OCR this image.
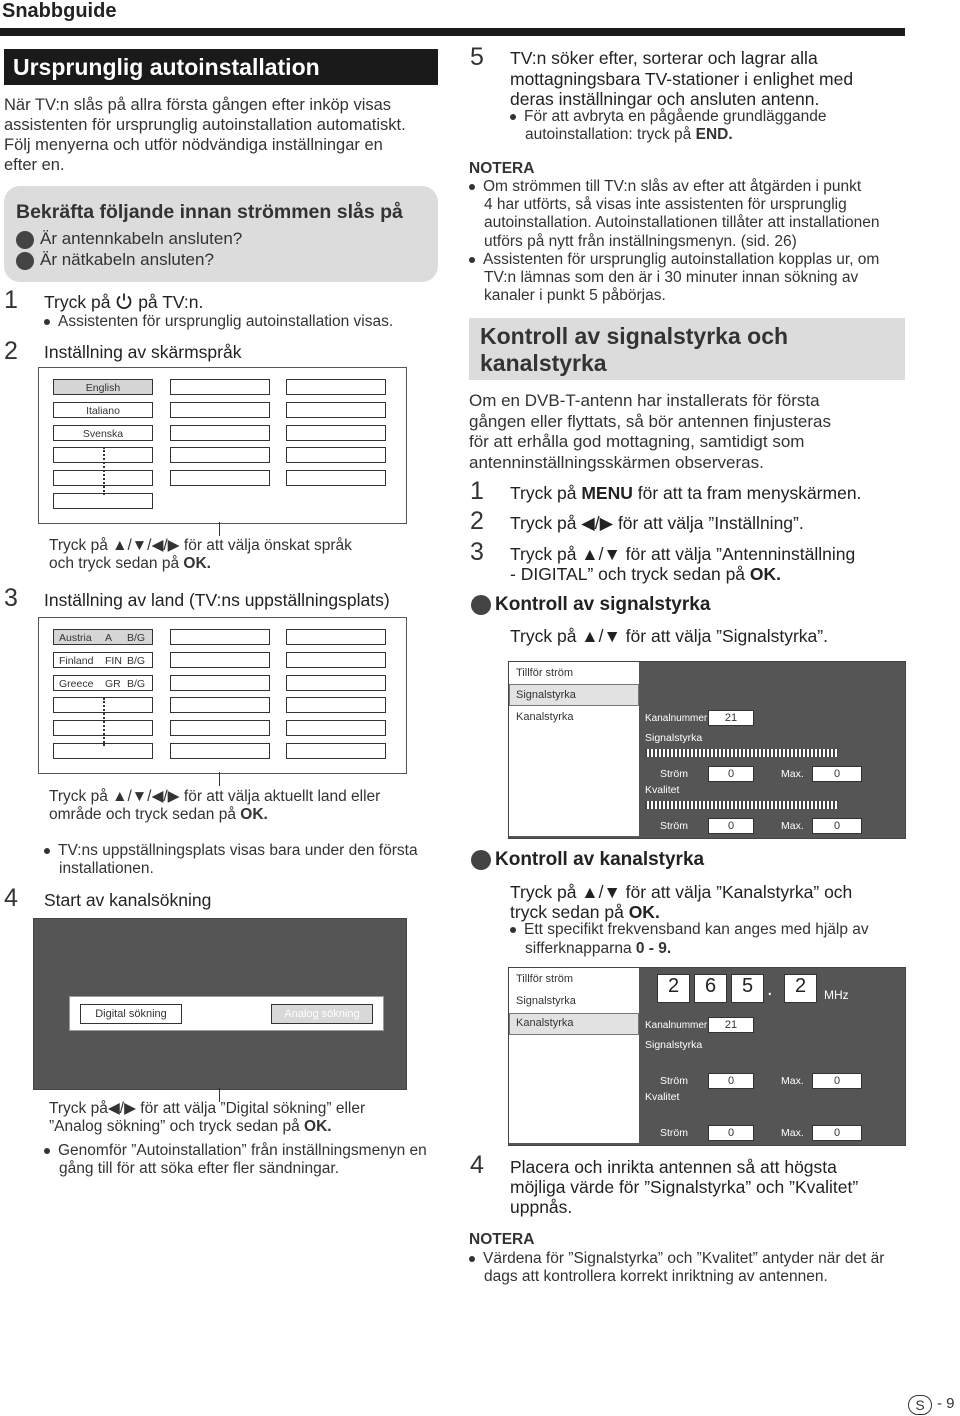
Snabbguide
Ursprunglig autoinstallation
När TV:n slås på allra första gången efter inköp visas
assistenten för ursprunglig autoinstallation automatiskt.
Följ menyerna och utför nödvändiga inställningar en
efter en.
Bekräfta följande innan strömmen slås på
Är antennkabeln ansluten?
Är nätkabeln ansluten?
1 Tryck på på TV:n.
Assistenten för ursprunglig autoinstallation visas.
2 Inställning av skärmspråk
English
Italiano
Svenska
Tryck på ▲/▼/◀/▶ för att välja önskat språk
och tryck sedan på OK.
3 Inställning av land (TV:ns uppställningsplats)
Austria A B/G
Finland FIN B/G
Greece GR B/G
Tryck på ▲/▼/◀/▶ för att välja aktuellt land eller
område och tryck sedan på OK.
TV:ns uppställningsplats visas bara under den första
installationen.
4 Start av kanalsökning
Digital sökning	Analog sökning
Tryck på◀/▶ för att välja ”Digital sökning” eller
”Analog sökning” och tryck sedan på OK.
Genomför ”Autoinstallation” från inställningsmenyn en
gång till för att söka efter fler sändningar.
5 TV:n söker efter, sorterar och lagrar alla
mottagningsbara TV-stationer i enlighet med
deras inställningar och ansluten antenn.
För att avbryta en pågående grundläggande
autoinstallation: tryck på END.
NOTERA
Om strömmen till TV:n slås av efter att åtgärden i punkt
4 har utförts, så visas inte assistenten för ursprunglig
autoinstallation. Autoinstallationen tillåter att installationen
utförs på nytt från inställningsmenyn. (sid. 26)
Assistenten för ursprunglig autoinstallation kopplas ur, om
TV:n lämnas som den är i 30 minuter innan sökning av
kanaler i punkt 5 påbörjas.
Kontroll av signalstyrka och
kanalstyrka
Om en DVB-T-antenn har installerats för första
gången eller flyttats, så bör antennen finjusteras
för att erhålla god mottagning, samtidigt som
antenninställningsskärmen observeras.
1 Tryck på MENU för att ta fram menyskärmen.
2 Tryck på ◀/▶ för att välja ”Inställning”.
3 Tryck på ▲/▼ för att välja ”Antenninställning
- DIGITAL” och tryck sedan på OK.
Kontroll av signalstyrka
Tryck på ▲/▼ för att välja ”Signalstyrka”.
Tillför ström
Signalstyrka
Kanalstyrka	Kanalnummer	21
Signalstyrka
Ström	0	Max.	0
Kvalitet
Ström	0	Max.	0
Kontroll av kanalstyrka
Tryck på ▲/▼ för att välja ”Kanalstyrka” och
tryck sedan på OK.
Ett specifikt frekvensband kan anges med hjälp av
sifferknapparna 0 - 9.
Tillför ström
Signalstyrka
Kanalstyrka
2	6	5 .	2	MHz
Kanalnummer	21
Signalstyrka
Ström	0	Max.	0
Kvalitet
Ström	0	Max.	0
4 Placera och inrikta antennen så att högsta
möjliga värde för ”Signalstyrka” och ”Kvalitet”
uppnås.
NOTERA
Värdena för ”Signalstyrka” och ”Kvalitet” antyder när det är
dags att kontrollera korrekt inriktning av antennen.
S - 9
